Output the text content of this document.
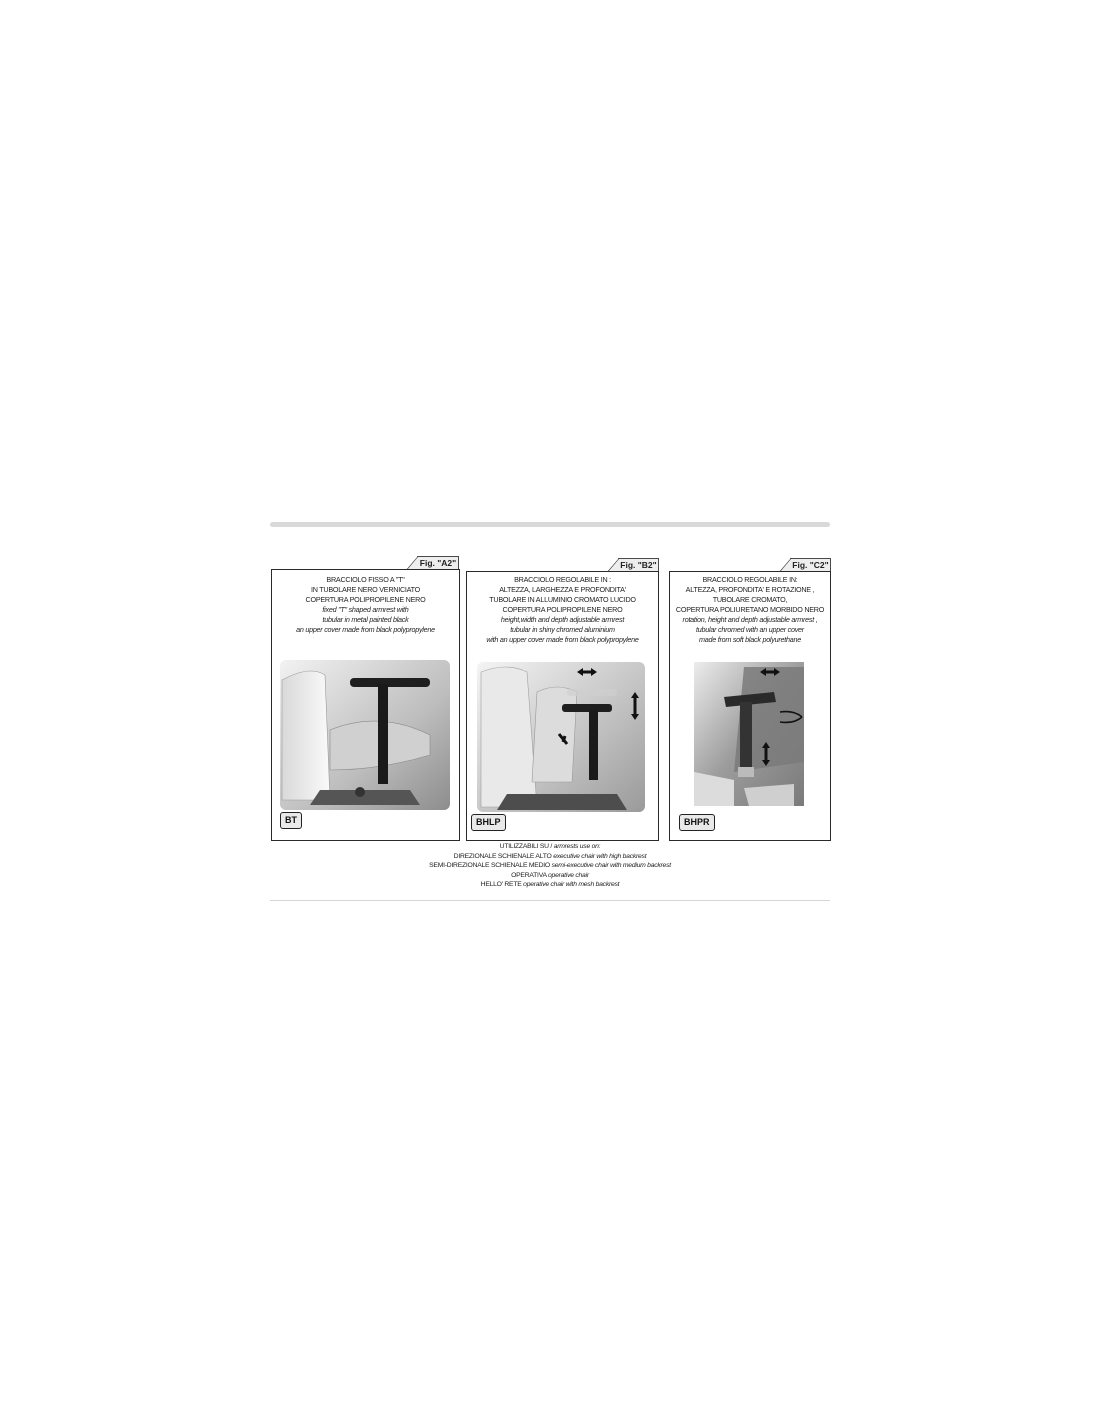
Fig. "A2"
BRACCIOLO FISSO A "T"
IN TUBOLARE NERO VERNICIATO
COPERTURA POLIPROPILENE NERO
fixed "T" shaped armrest with
tubular in metal painted black
an upper cover made from black polypropylene
BT
Fig. "B2"
BRACCIOLO REGOLABILE IN :
ALTEZZA, LARGHEZZA E PROFONDITA'
TUBOLARE IN ALLUMINIO CROMATO LUCIDO
COPERTURA POLIPROPILENE NERO
height,width and depth adjustable armrest
tubular in shiny chromed aluminium
with an upper cover made from black polypropylene
BHLP
Fig. "C2"
BRACCIOLO REGOLABILE IN:
ALTEZZA, PROFONDITA' E ROTAZIONE ,
TUBOLARE CROMATO,
COPERTURA POLIURETANO MORBIDO NERO
rotation, height and depth adjustable armrest ,
tubular chromed with an upper cover
made from soft black polyurethane
BHPR
UTILIZZABILI SU / armrests use on:
DIREZIONALE SCHIENALE ALTO executive chair with high backrest
SEMI-DIREZIONALE SCHIENALE MEDIO semi-executive chair with medium backrest
OPERATIVA operative chair
HELLO' RETE operative chair with mesh backrest
